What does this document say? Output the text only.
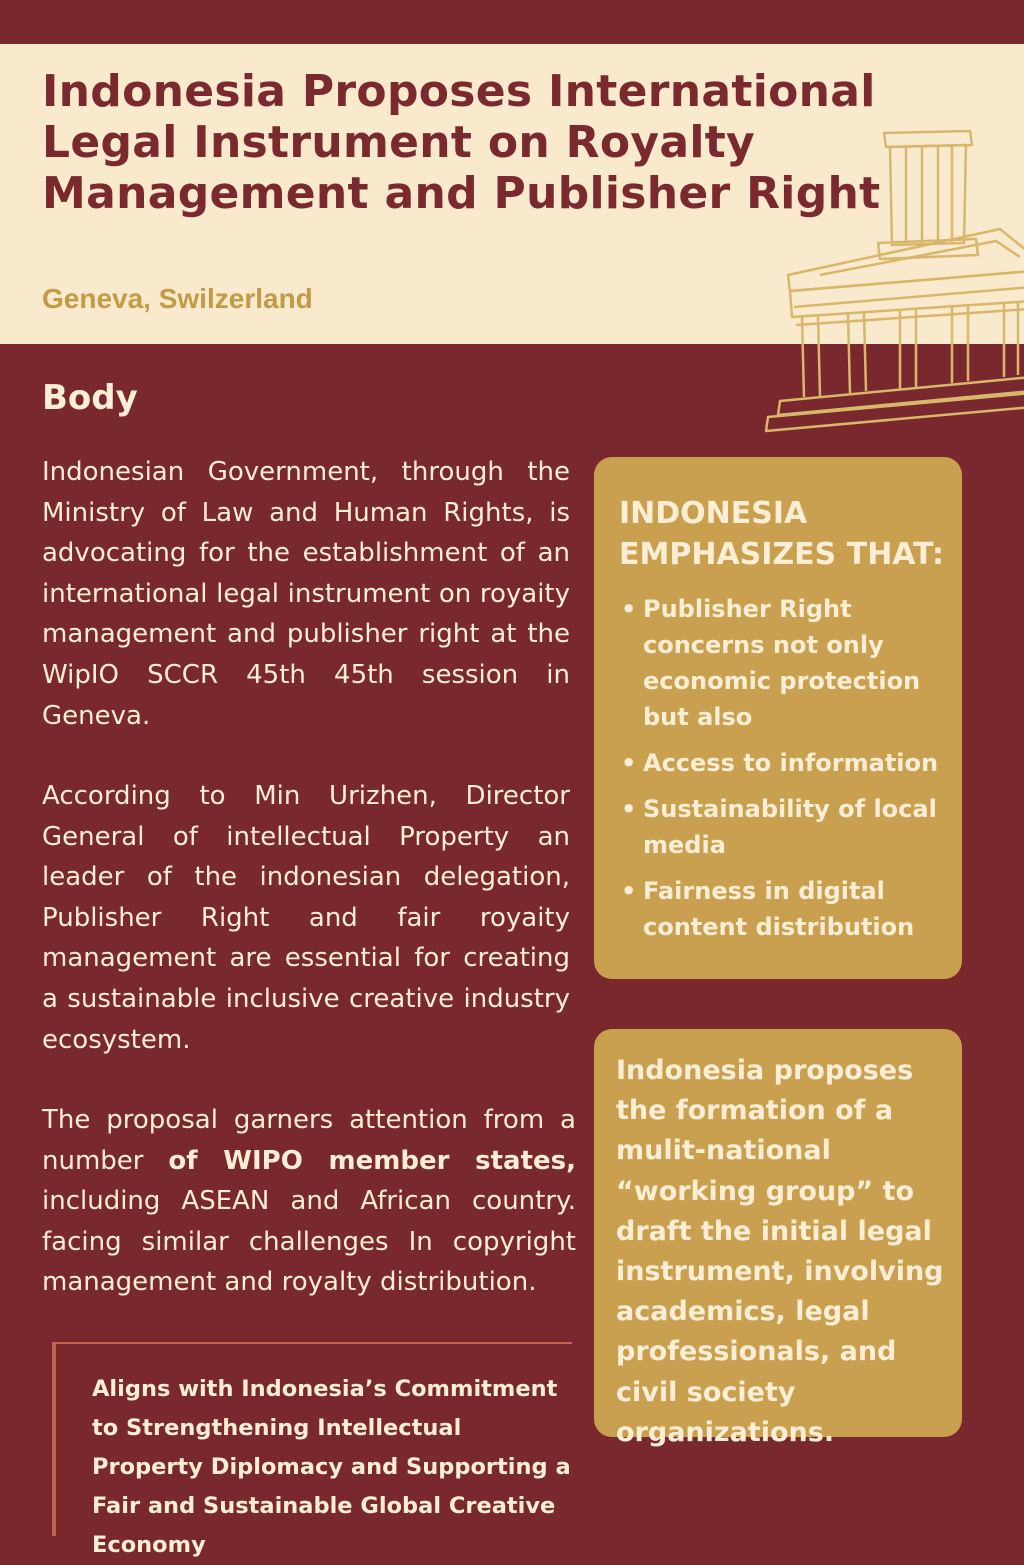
Indonesia Proposes International Legal Instrument on Royalty Management and Publisher Right

Geneva, Swilzerland

Body

Indonesian Government, through the Ministry of Law and Human Rights, is advocating for the establishment of an international legal instrument on royaity management and publisher right at the WipIO SCCR 45th 45th session in Geneva.

According to Min Urizhen, Director General of intellectual Property an leader of the indonesian delegation, Publisher Right and fair royaity management are essential for creating a sustainable inclusive creative industry ecosystem.

The proposal garners attention from a number of WIPO member states, including ASEAN and African country. facing similar challenges In copyright management and royalty distribution.

Aligns with Indonesia’s Commitment to Strengthening Intellectual Property Diplomacy and Supporting a Fair and Sustainable Global Creative Economy

INDONESIA EMPHASIZES THAT:
• Publisher Right concerns not only economic protection but also
• Access to information
• Sustainability of local media
• Fairness in digital content distribution

Indonesia proposes the formation of a mulit-national “working group” to draft the initial legal instrument, involving academics, legal professionals, and civil society organizations.
